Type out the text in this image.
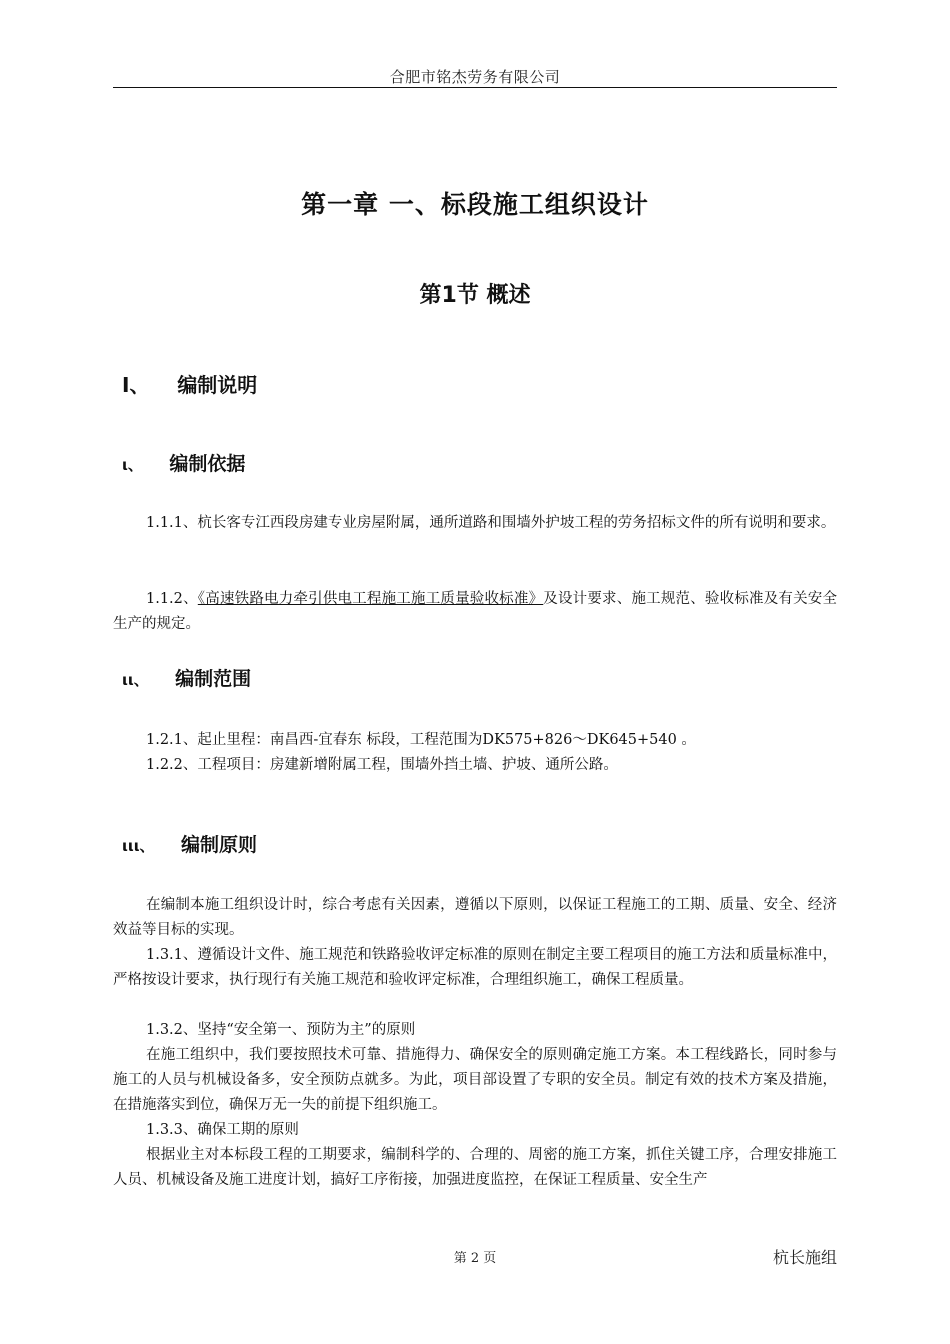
合肥市铭杰劳务有限公司
第一章 一、标段施工组织设计
第1节 概述
I、 编制说明
ι、 编制依据

1.1.1、杭长客专江西段房建专业房屋附属，通所道路和围墙外护坡工程的劳务招标文件的所有说明和要求。

1.1.2、《高速铁路电力牵引供电工程施工施工质量验收标准》及设计要求、施工规范、验收标准及有关安全生产的规定。

ιι、 编制范围

1.2.1、起止里程：南昌西-宜春东 标段，工程范围为DK575+826～DK645+540 。

1.2.2、工程项目：房建新增附属工程，围墙外挡土墙、护坡、通所公路。

ιιι、 编制原则

在编制本施工组织设计时，综合考虑有关因素，遵循以下原则，以保证工程施工的工期、质量、安全、经济效益等目标的实现。

1.3.1、遵循设计文件、施工规范和铁路验收评定标准的原则在制定主要工程项目的施工方法和质量标准中，严格按设计要求，执行现行有关施工规范和验收评定标准，合理组织施工，确保工程质量。

1.3.2、坚持“安全第一、预防为主”的原则

在施工组织中，我们要按照技术可靠、措施得力、确保安全的原则确定施工方案。本工程线路长，同时参与施工的人员与机械设备多，安全预防点就多。为此，项目部设置了专职的安全员。制定有效的技术方案及措施，在措施落实到位，确保万无一失的前提下组织施工。

1.3.3、确保工期的原则

根据业主对本标段工程的工期要求，编制科学的、合理的、周密的施工方案，抓住关键工序，合理安排施工人员、机械设备及施工进度计划，搞好工序衔接，加强进度监控，在保证工程质量、安全生产

第 2 页	杭长施组
